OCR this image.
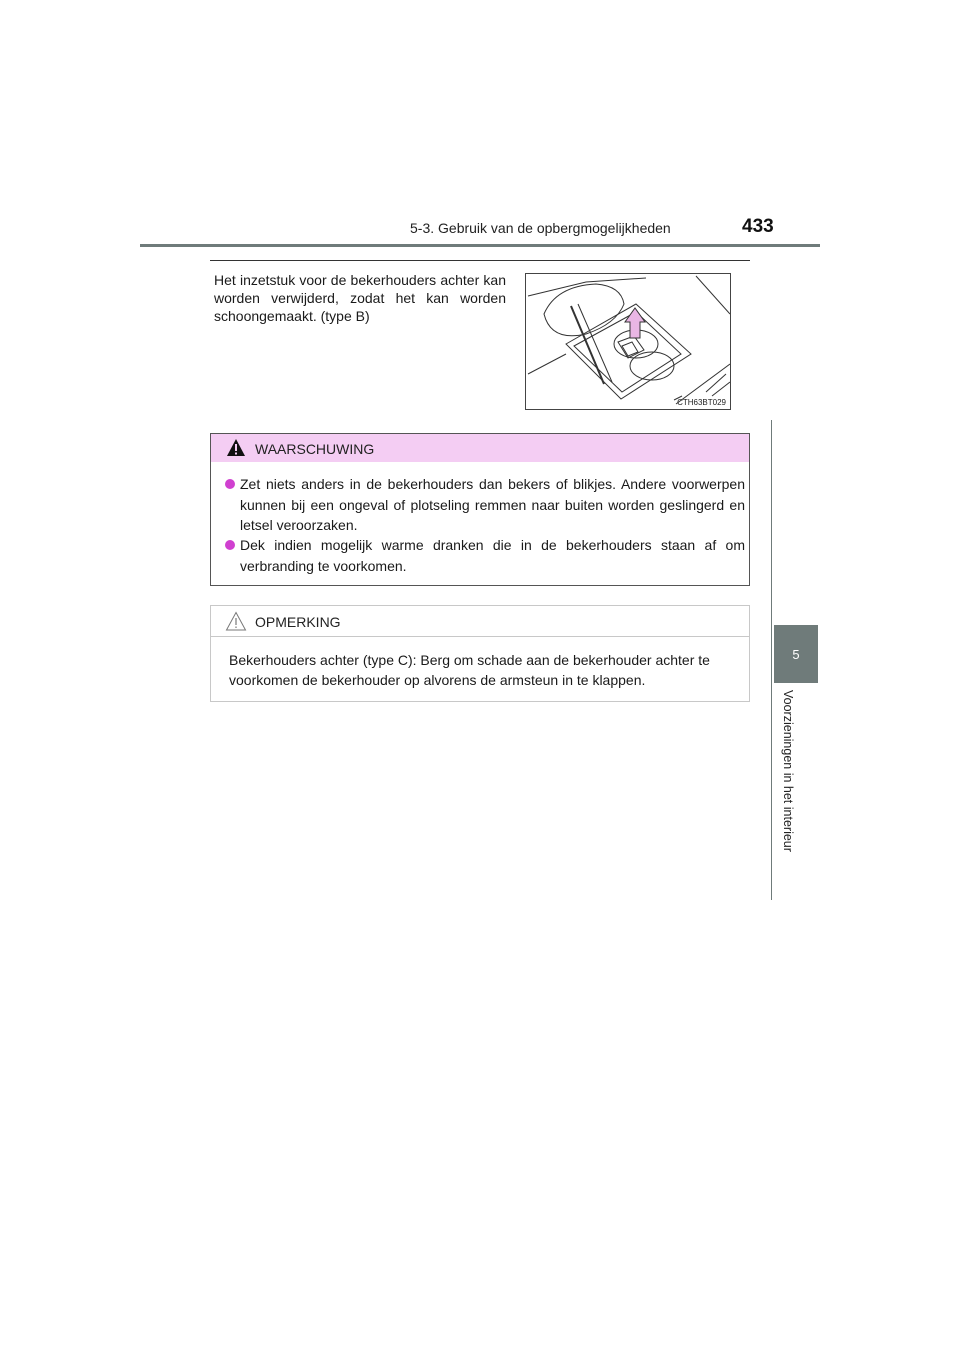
5-3. Gebruik van de opbergmogelijkheden	433
5
Voorzieningen in het interieur
Het inzetstuk voor de bekerhouders achter kan worden verwijderd, zodat het kan worden schoongemaakt. (type B)
CTH63BT029
WAARSCHUWING
Zet niets anders in de bekerhouders dan bekers of blikjes. Andere voorwerpen kunnen bij een ongeval of plotseling remmen naar buiten worden geslingerd en letsel veroorzaken.
Dek indien mogelijk warme dranken die in de bekerhouders staan af om verbranding te voorkomen.
OPMERKING
Bekerhouders achter (type C): Berg om schade aan de bekerhouder achter te voorkomen de bekerhouder op alvorens de armsteun in te klappen.
